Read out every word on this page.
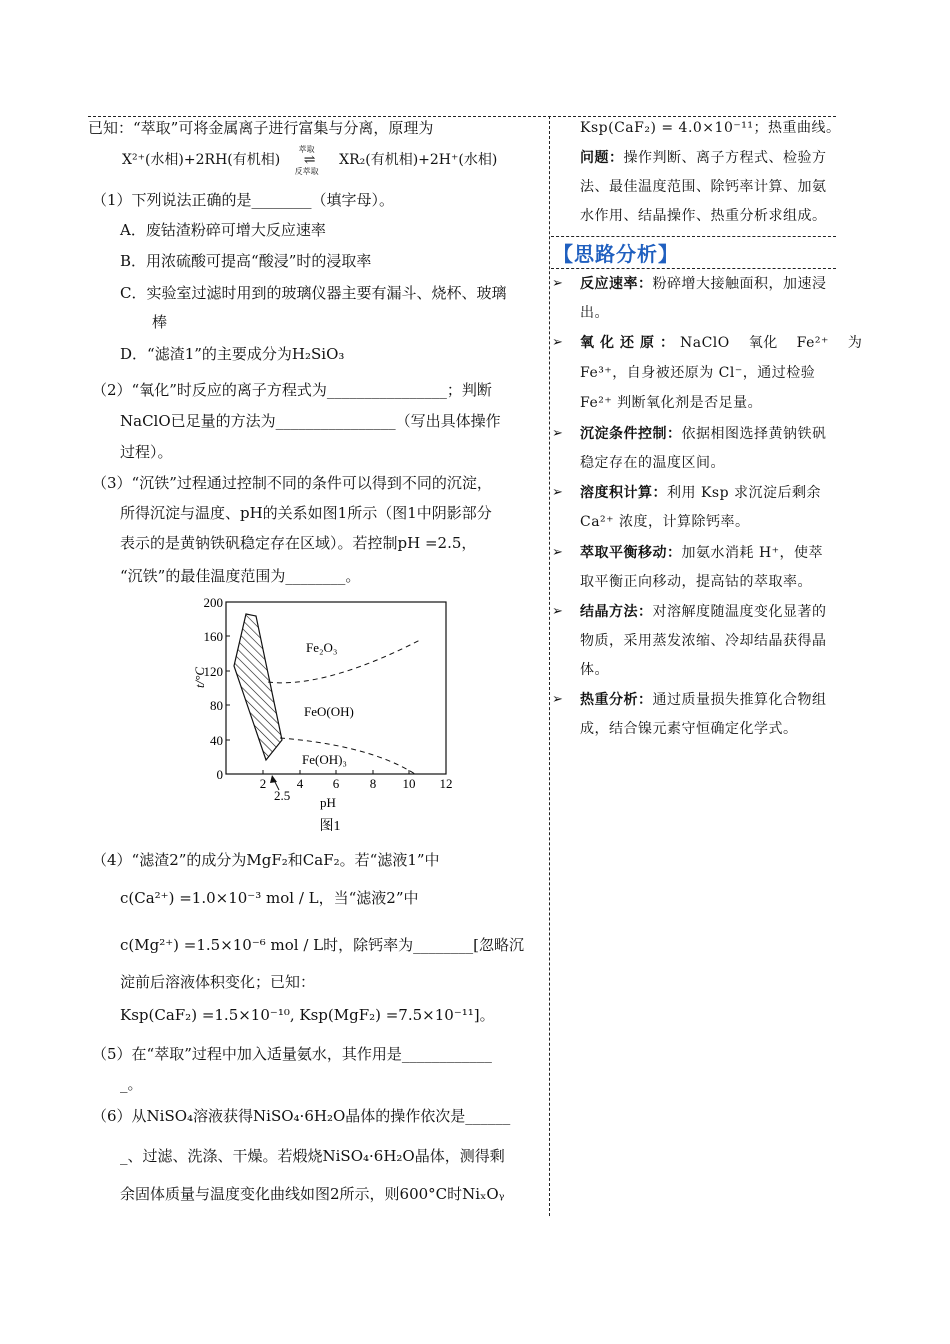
已知：“萃取”可将金属离子进行富集与分离，原理为
X²⁺(水相)+2RH(有机相)
萃取
⇌
反萃取
XR₂(有机相)+2H⁺(水相)
（1）下列说法正确的是________（填字母）。
A．废钴渣粉碎可增大反应速率
B．用浓硫酸可提高“酸浸”时的浸取率
C．实验室过滤时用到的玻璃仪器主要有漏斗、烧杯、玻璃
棒
D．“滤渣1”的主要成分为H₂SiO₃
（2）“氧化”时反应的离子方程式为________________；判断
NaClO已足量的方法为________________（写出具体操作
过程）。
（3）“沉铁”过程通过控制不同的条件可以得到不同的沉淀，
所得沉淀与温度、pH的关系如图1所示（图1中阴影部分
表示的是黄钠铁矾稳定存在区域）。若控制pH =2.5，
“沉铁”的最佳温度范围为________。
200
160
120
80
40
0
2 4 6 8 10 12
t/°C
pH
Fe₂O₃
FeO(OH)
Fe(OH)₃
2.5
图1
（4）“滤渣2”的成分为MgF₂和CaF₂。若“滤液1”中
c(Ca²⁺) =1.0×10⁻³ mol / L，当“滤液2”中
c(Mg²⁺) =1.5×10⁻⁶ mol / L时，除钙率为________[忽略沉
淀前后溶液体积变化；已知：
Ksp(CaF₂) =1.5×10⁻¹⁰, Ksp(MgF₂) =7.5×10⁻¹¹]。
（5）在“萃取”过程中加入适量氨水，其作用是____________
_。
（6）从NiSO₄溶液获得NiSO₄·6H₂O晶体的操作依次是______
_、过滤、洗涤、干燥。若煅烧NiSO₄·6H₂O晶体，测得剩
余固体质量与温度变化曲线如图2所示，则600°C时NiₓOᵧ
Ksp(CaF₂) = 4.0×10⁻¹¹；热重曲线。
问题：操作判断、离子方程式、检验方
法、最佳温度范围、除钙率计算、加氨
水作用、结晶操作、热重分析求组成。
【思路分析】
➢ 反应速率：粉碎增大接触面积，加速浸
出。
➢ 氧化还原：NaClO 氧化 Fe²⁺ 为
Fe³⁺，自身被还原为 Cl⁻，通过检验
Fe²⁺ 判断氧化剂是否足量。
➢ 沉淀条件控制：依据相图选择黄钠铁矾
稳定存在的温度区间。
➢ 溶度积计算：利用 Ksp 求沉淀后剩余
Ca²⁺ 浓度，计算除钙率。
➢ 萃取平衡移动：加氨水消耗 H⁺，使萃
取平衡正向移动，提高钴的萃取率。
➢ 结晶方法：对溶解度随温度变化显著的
物质，采用蒸发浓缩、冷却结晶获得晶
体。
➢ 热重分析：通过质量损失推算化合物组
成，结合镍元素守恒确定化学式。
